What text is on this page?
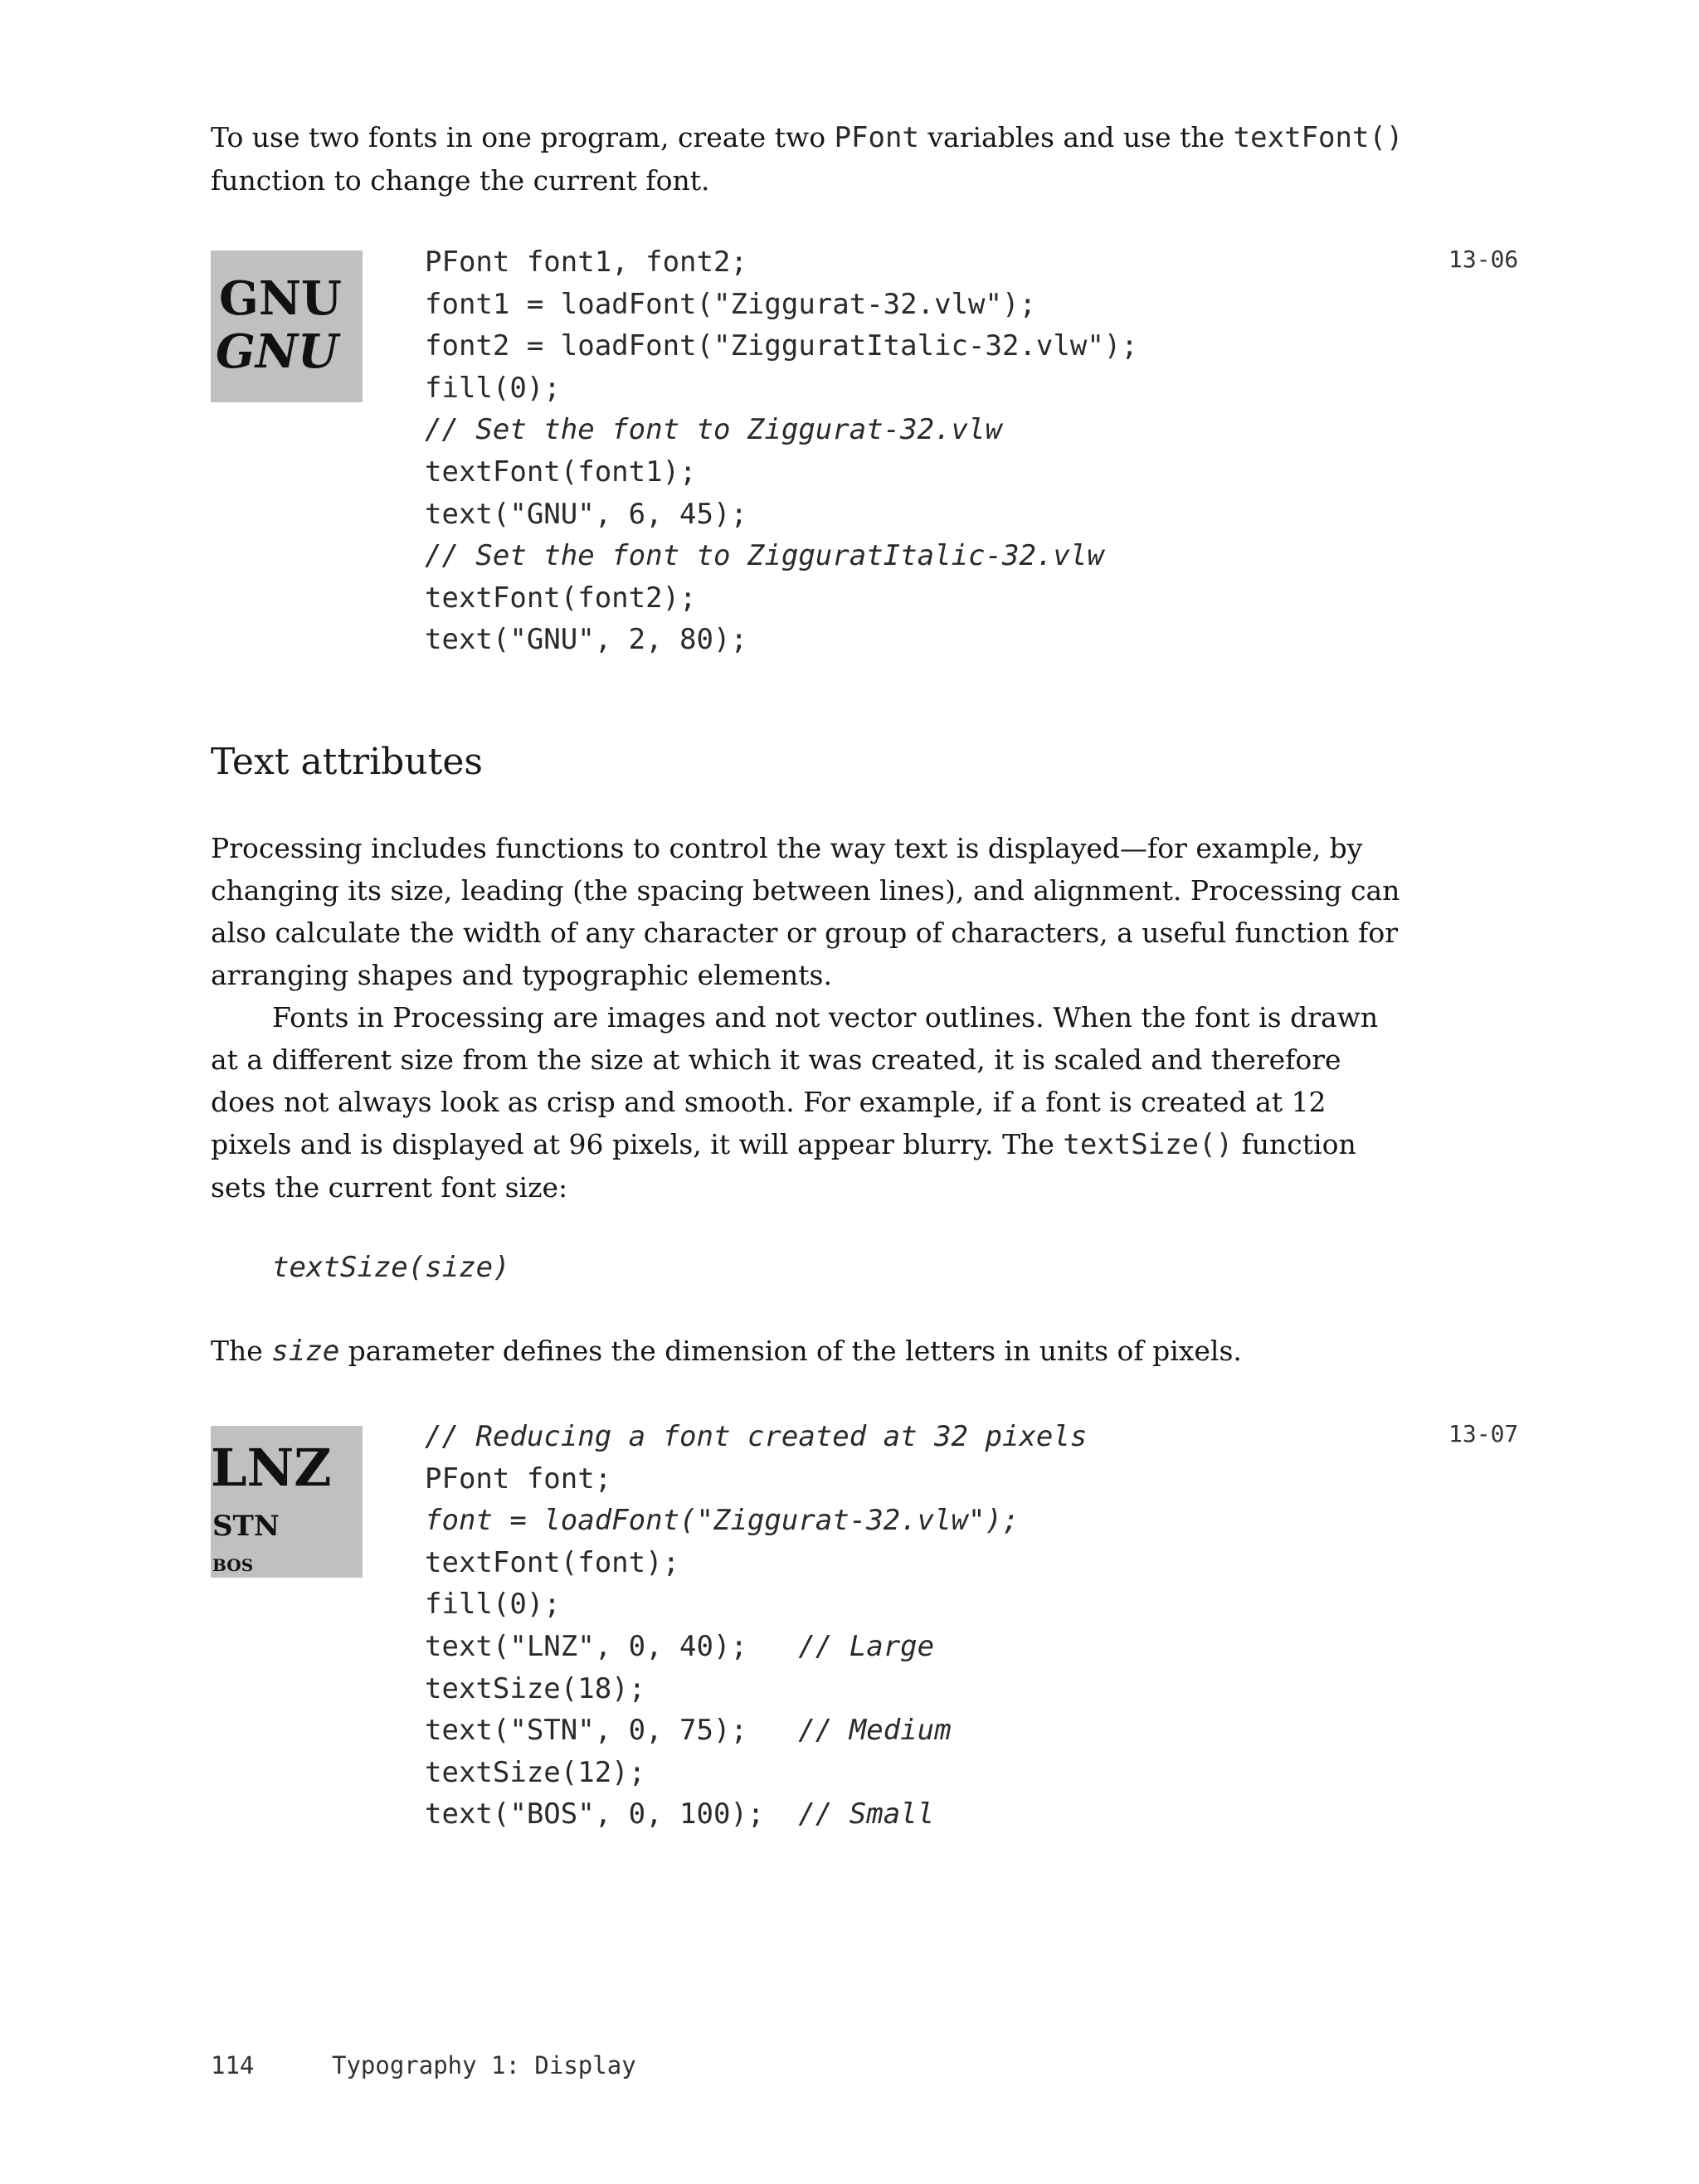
To use two fonts in one program, create two PFont variables and use the textFont() function to change the current font.
GNU
GNU
PFont font1, font2;
font1 = loadFont("Ziggurat-32.vlw");
font2 = loadFont("ZigguratItalic-32.vlw");
fill(0);
// Set the font to Ziggurat-32.vlw
textFont(font1);
text("GNU", 6, 45);
// Set the font to ZigguratItalic-32.vlw
textFont(font2);
text("GNU", 2, 80);
13-06
Text attributes
Processing includes functions to control the way text is displayed—for example, by changing its size, leading (the spacing between lines), and alignment. Processing can also calculate the width of any character or group of characters, a useful function for arranging shapes and typographic elements.
Fonts in Processing are images and not vector outlines. When the font is drawn at a different size from the size at which it was created, it is scaled and therefore does not always look as crisp and smooth. For example, if a font is created at 12 pixels and is displayed at 96 pixels, it will appear blurry. The textSize() function sets the current font size:
textSize(size)
The size parameter defines the dimension of the letters in units of pixels.
LNZ
STN
BOS
// Reducing a font created at 32 pixels
PFont font;
font = loadFont("Ziggurat-32.vlw");
textFont(font);
fill(0);
text("LNZ", 0, 40);   // Large
textSize(18);
text("STN", 0, 75);   // Medium
textSize(12);
text("BOS", 0, 100);  // Small
13-07
114	Typography 1: Display
